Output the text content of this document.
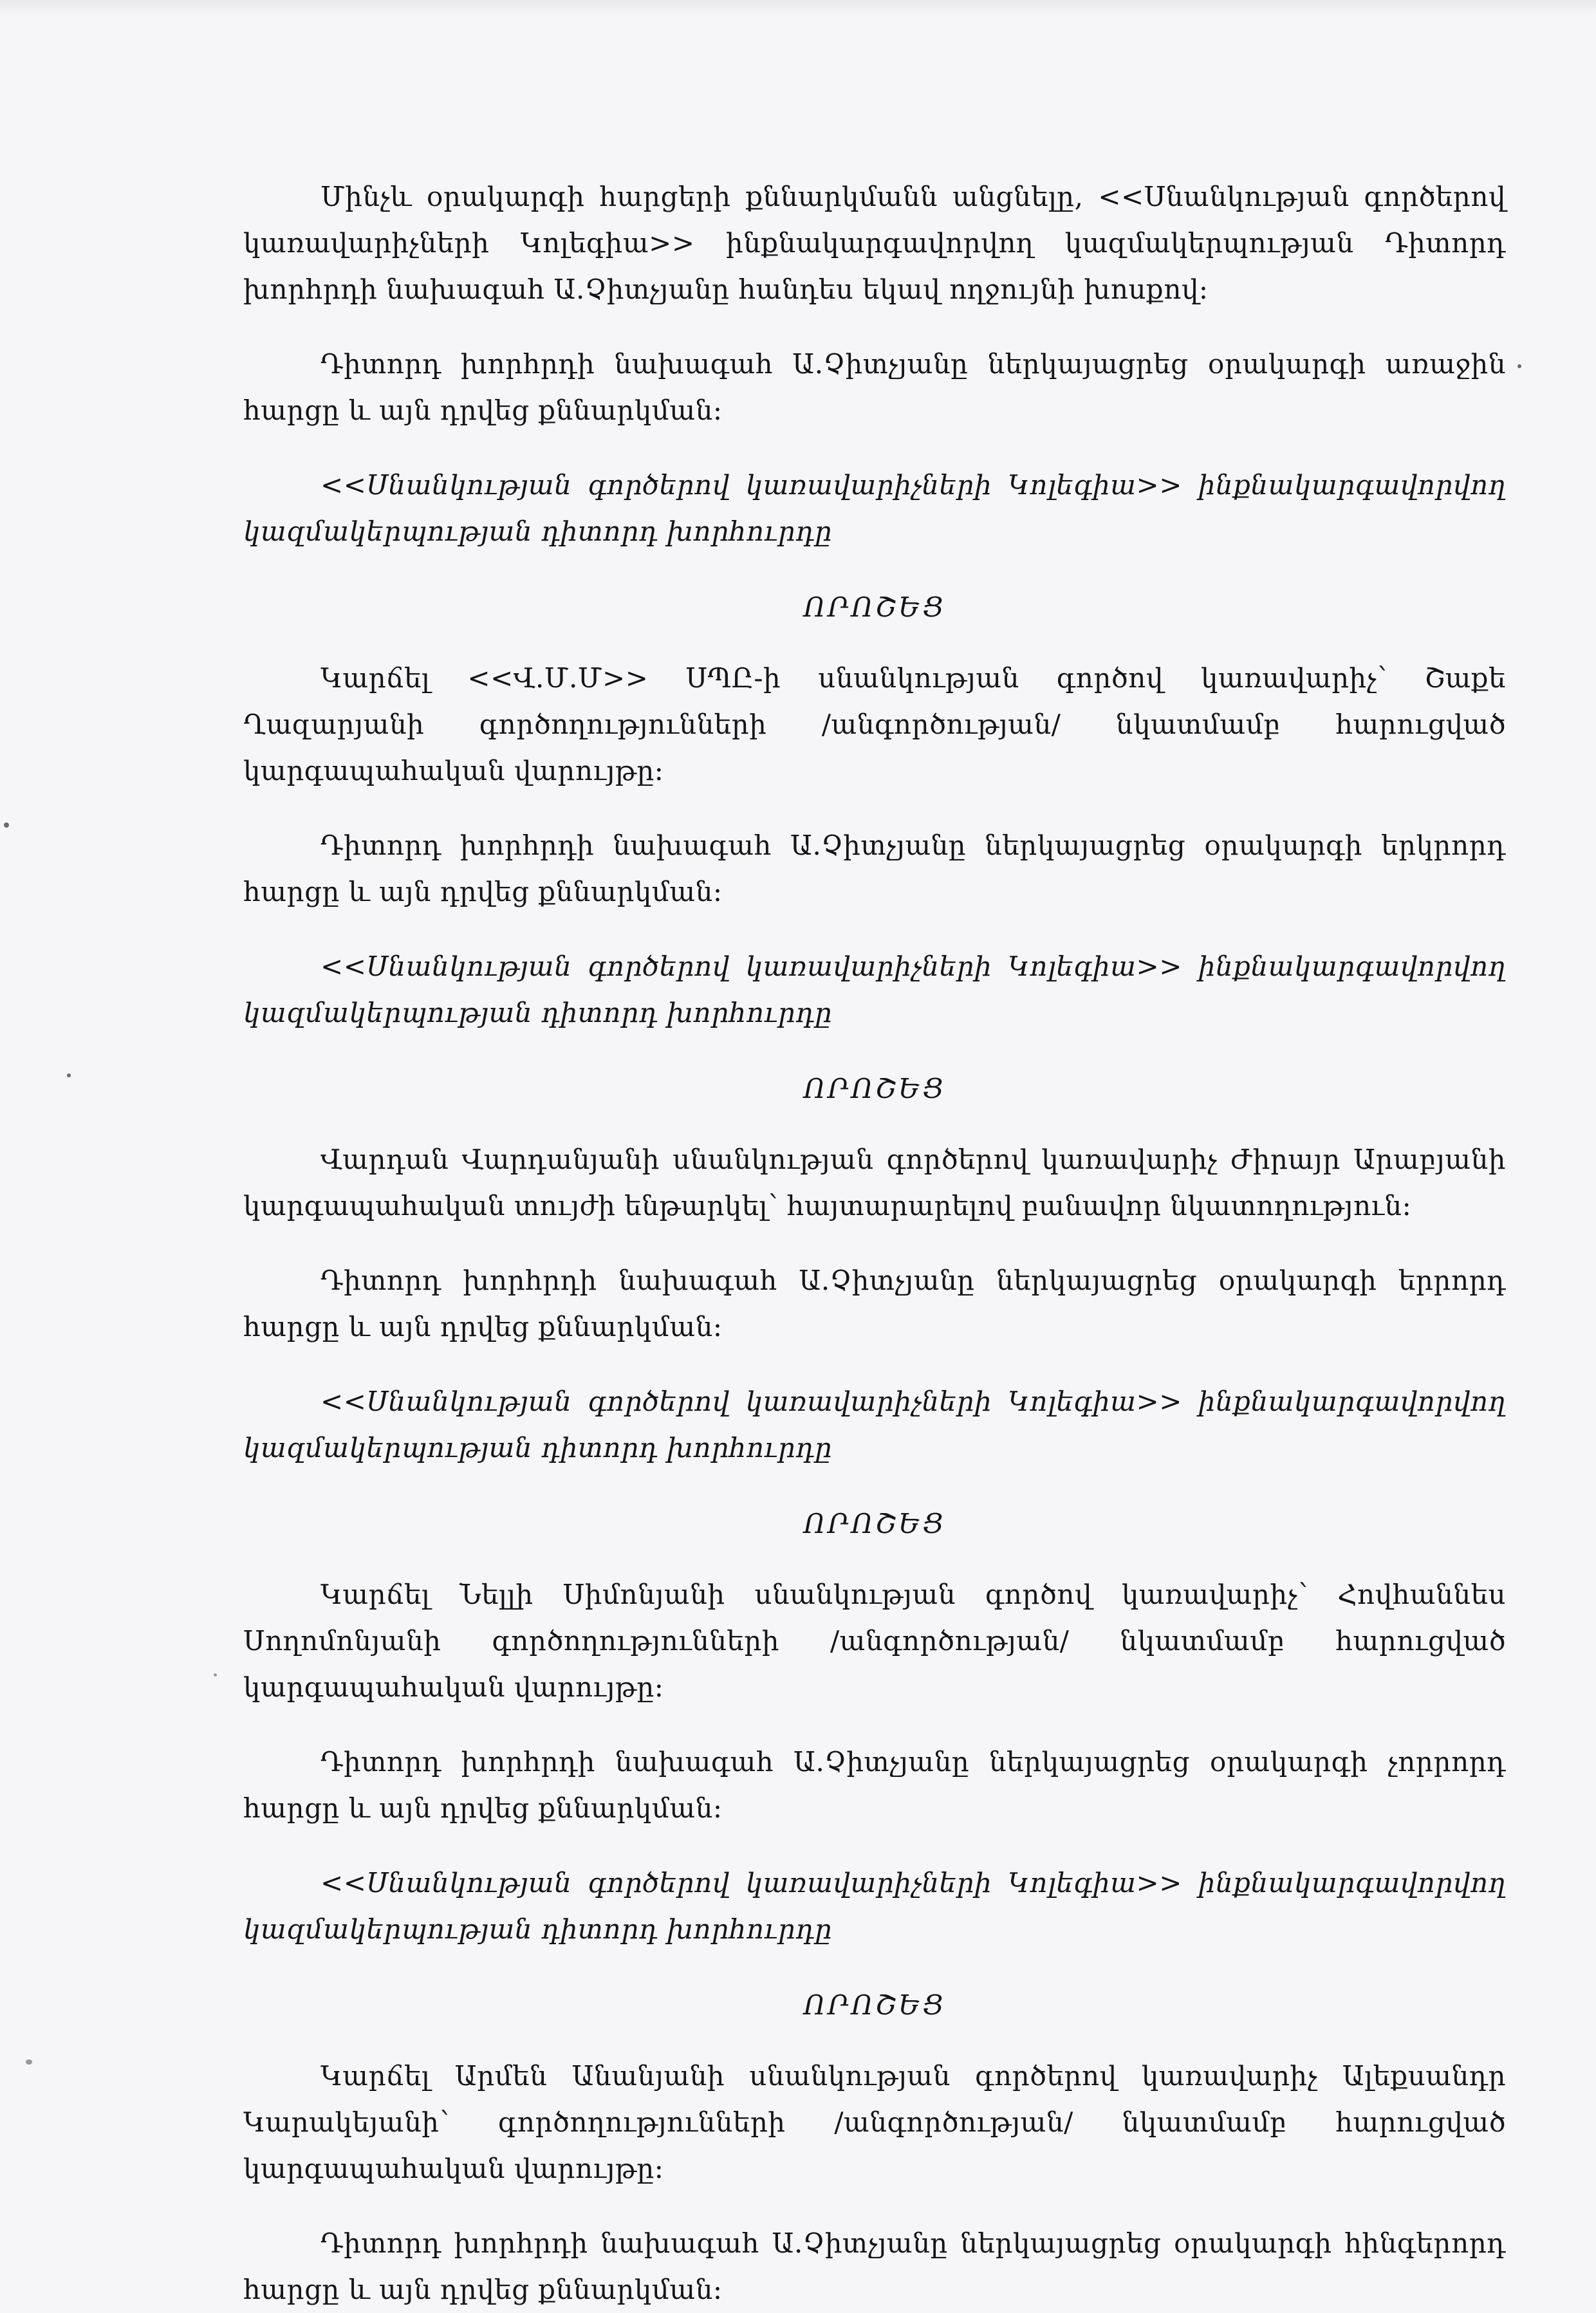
Մինչև օրակարգի հարցերի քննարկմանն անցնելը, <<Սնանկության գործերով կառավարիչների Կոլեգիա>> ինքնակարգավորվող կազմակերպության Դիտորդ խորհրդի նախագահ Ա.Չիտչյանը հանդես եկավ ողջույնի խոսքով:

Դիտորդ խորհրդի նախագահ Ա.Չիտչյանը ներկայացրեց օրակարգի առաջին հարցը և այն դրվեց քննարկման:

<<Սնանկության գործերով կառավարիչների Կոլեգիա>> ինքնակարգավորվող կազմակերպության դիտորդ խորհուրդը

ՈՐՈՇԵՑ

Կարճել <<Վ.Մ.Մ>> ՍՊԸ-ի սնանկության գործով կառավարիչ՝ Շաքե Ղազարյանի գործողությունների /անգործության/ նկատմամբ հարուցված կարգապահական վարույթը:

Դիտորդ խորհրդի նախագահ Ա.Չիտչյանը ներկայացրեց օրակարգի երկրորդ հարցը և այն դրվեց քննարկման:

<<Սնանկության գործերով կառավարիչների Կոլեգիա>> ինքնակարգավորվող կազմակերպության դիտորդ խորհուրդը

ՈՐՈՇԵՑ

Վարդան Վարդանյանի սնանկության գործերով կառավարիչ Ժիրայր Արաբյանի կարգապահական տույժի ենթարկել՝ հայտարարելով բանավոր նկատողություն:

Դիտորդ խորհրդի նախագահ Ա.Չիտչյանը ներկայացրեց օրակարգի երրորդ հարցը և այն դրվեց քննարկման:

<<Սնանկության գործերով կառավարիչների Կոլեգիա>> ինքնակարգավորվող կազմակերպության դիտորդ խորհուրդը

ՈՐՈՇԵՑ

Կարճել Նելլի Սիմոնյանի սնանկության գործով կառավարիչ՝ Հովհաննես Սողոմոնյանի գործողությունների /անգործության/ նկատմամբ հարուցված կարգապահական վարույթը:

Դիտորդ խորհրդի նախագահ Ա.Չիտչյանը ներկայացրեց օրակարգի չորրորդ հարցը և այն դրվեց քննարկման:

<<Սնանկության գործերով կառավարիչների Կոլեգիա>> ինքնակարգավորվող կազմակերպության դիտորդ խորհուրդը

ՈՐՈՇԵՑ

Կարճել Արմեն Անանյանի սնանկության գործերով կառավարիչ Ալեքսանդր Կարակեյանի՝ գործողությունների /անգործության/ նկատմամբ հարուցված կարգապահական վարույթը:

Դիտորդ խորհրդի նախագահ Ա.Չիտչյանը ներկայացրեց օրակարգի հինգերորդ հարցը և այն դրվեց քննարկման:
